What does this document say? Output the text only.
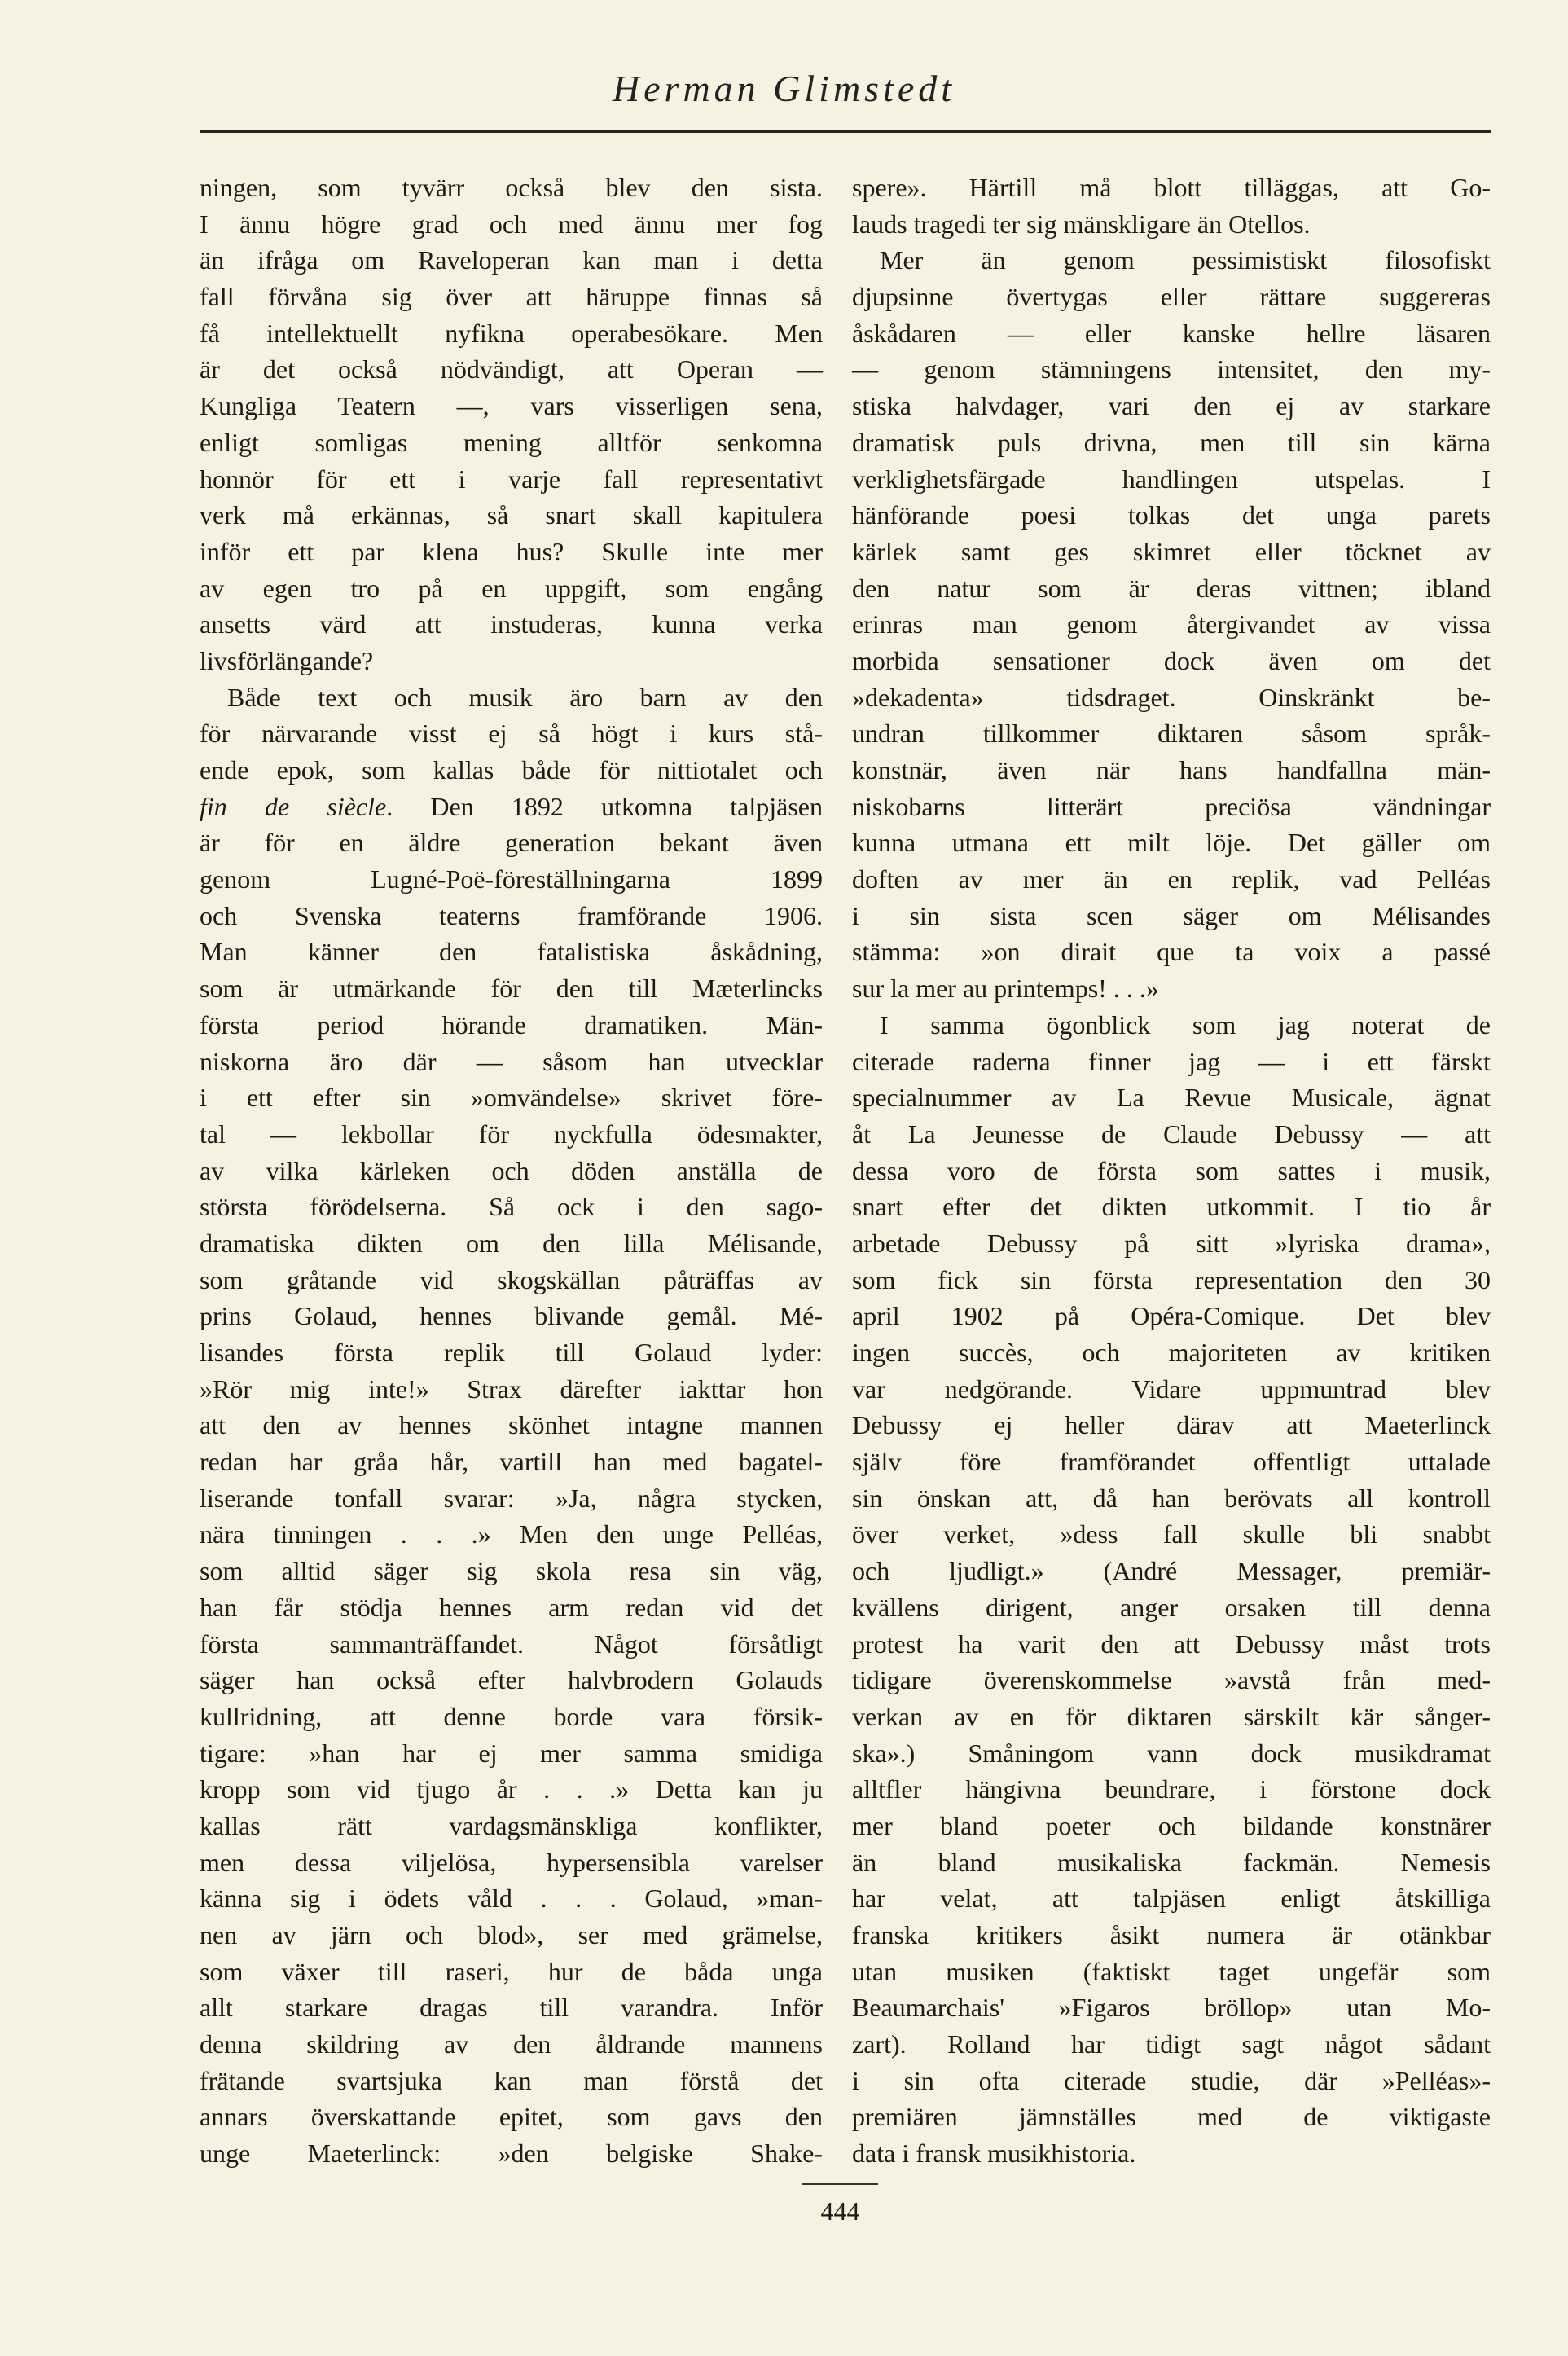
Herman Glimstedt
ningen, som tyvärr också blev den sista.
I ännu högre grad och med ännu mer fog
än ifråga om Raveloperan kan man i detta
fall förvåna sig över att häruppe finnas så
få intellektuellt nyfikna operabesökare. Men
är det också nödvändigt, att Operan —
Kungliga Teatern —, vars visserligen sena,
enligt somligas mening alltför senkomna
honnör för ett i varje fall representativt
verk må erkännas, så snart skall kapitulera
inför ett par klena hus? Skulle inte mer
av egen tro på en uppgift, som engång
ansetts värd att instuderas, kunna verka
livsförlängande?
Både text och musik äro barn av den
för närvarande visst ej så högt i kurs stå-
ende epok, som kallas både för nittiotalet och
fin de siècle. Den 1892 utkomna talpjäsen
är för en äldre generation bekant även
genom Lugné-Poë-föreställningarna 1899
och Svenska teaterns framförande 1906.
Man känner den fatalistiska åskådning,
som är utmärkande för den till Mæterlincks
första period hörande dramatiken. Män-
niskorna äro där — såsom han utvecklar
i ett efter sin »omvändelse» skrivet före-
tal — lekbollar för nyckfulla ödesmakter,
av vilka kärleken och döden anställa de
största förödelserna. Så ock i den sago-
dramatiska dikten om den lilla Mélisande,
som gråtande vid skogskällan påträffas av
prins Golaud, hennes blivande gemål. Mé-
lisandes första replik till Golaud lyder:
»Rör mig inte!» Strax därefter iakttar hon
att den av hennes skönhet intagne mannen
redan har gråa hår, vartill han med bagatel-
liserande tonfall svarar: »Ja, några stycken,
nära tinningen . . .» Men den unge Pelléas,
som alltid säger sig skola resa sin väg,
han får stödja hennes arm redan vid det
första sammanträffandet. Något försåtligt
säger han också efter halvbrodern Golauds
kullridning, att denne borde vara försik-
tigare: »han har ej mer samma smidiga
kropp som vid tjugo år . . .» Detta kan ju
kallas rätt vardagsmänskliga konflikter,
men dessa viljelösa, hypersensibla varelser
känna sig i ödets våld . . . Golaud, »man-
nen av järn och blod», ser med grämelse,
som växer till raseri, hur de båda unga
allt starkare dragas till varandra. Inför
denna skildring av den åldrande mannens
frätande svartsjuka kan man förstå det
annars överskattande epitet, som gavs den
unge Maeterlinck: »den belgiske Shake-
spere». Härtill må blott tilläggas, att Go-
lauds tragedi ter sig mänskligare än Otellos.
Mer än genom pessimistiskt filosofiskt
djupsinne övertygas eller rättare suggereras
åskådaren — eller kanske hellre läsaren
— genom stämningens intensitet, den my-
stiska halvdager, vari den ej av starkare
dramatisk puls drivna, men till sin kärna
verklighetsfärgade handlingen utspelas. I
hänförande poesi tolkas det unga parets
kärlek samt ges skimret eller töcknet av
den natur som är deras vittnen; ibland
erinras man genom återgivandet av vissa
morbida sensationer dock även om det
»dekadenta» tidsdraget. Oinskränkt be-
undran tillkommer diktaren såsom språk-
konstnär, även när hans handfallna män-
niskobarns litterärt preciösa vändningar
kunna utmana ett milt löje. Det gäller om
doften av mer än en replik, vad Pelléas
i sin sista scen säger om Mélisandes
stämma: »on dirait que ta voix a passé
sur la mer au printemps! . . .»
I samma ögonblick som jag noterat de
citerade raderna finner jag — i ett färskt
specialnummer av La Revue Musicale, ägnat
åt La Jeunesse de Claude Debussy — att
dessa voro de första som sattes i musik,
snart efter det dikten utkommit. I tio år
arbetade Debussy på sitt »lyriska drama»,
som fick sin första representation den 30
april 1902 på Opéra-Comique. Det blev
ingen succès, och majoriteten av kritiken
var nedgörande. Vidare uppmuntrad blev
Debussy ej heller därav att Maeterlinck
själv före framförandet offentligt uttalade
sin önskan att, då han berövats all kontroll
över verket, »dess fall skulle bli snabbt
och ljudligt.» (André Messager, premiär-
kvällens dirigent, anger orsaken till denna
protest ha varit den att Debussy måst trots
tidigare överenskommelse »avstå från med-
verkan av en för diktaren särskilt kär sånger-
ska».) Småningom vann dock musikdramat
alltfler hängivna beundrare, i förstone dock
mer bland poeter och bildande konstnärer
än bland musikaliska fackmän. Nemesis
har velat, att talpjäsen enligt åtskilliga
franska kritikers åsikt numera är otänkbar
utan musiken (faktiskt taget ungefär som
Beaumarchais' »Figaros bröllop» utan Mo-
zart). Rolland har tidigt sagt något sådant
i sin ofta citerade studie, där »Pelléas»-
premiären jämnställes med de viktigaste
data i fransk musikhistoria.
444
